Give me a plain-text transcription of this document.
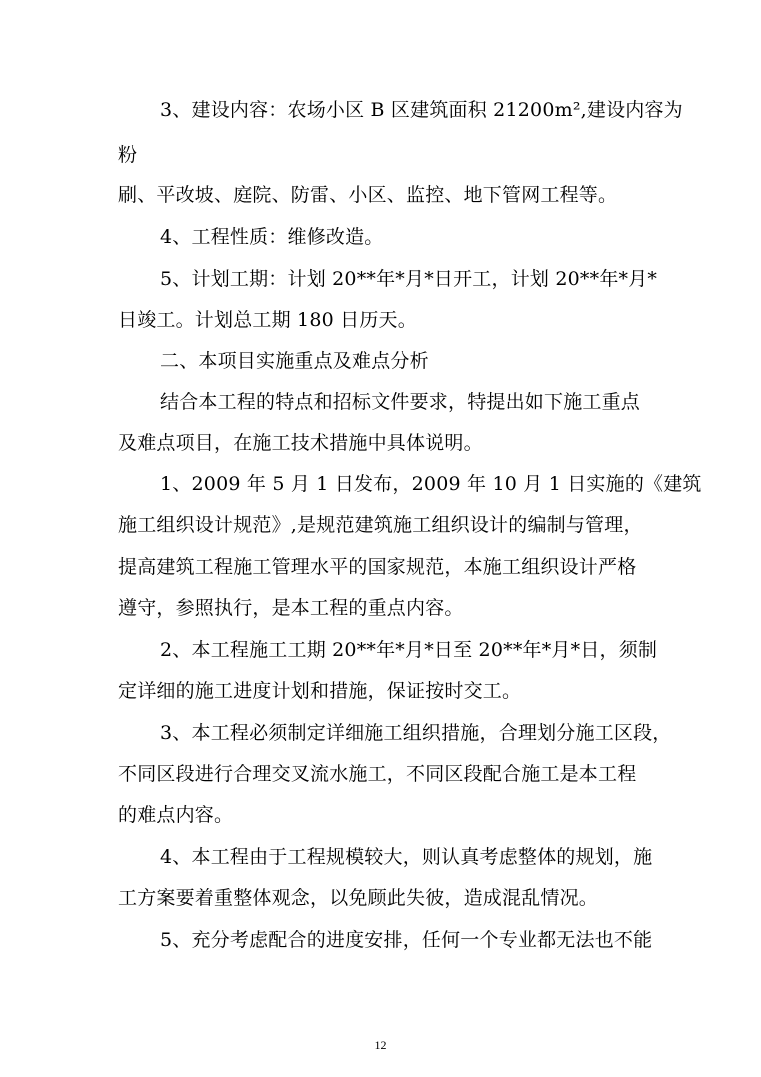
3、建设内容：农场小区 B 区建筑面积 21200m²,建设内容为
粉
刷、平改坡、庭院、防雷、小区、监控、地下管网工程等。
4、工程性质：维修改造。
5、计划工期：计划 20**年*月*日开工，计划 20**年*月*
日竣工。计划总工期 180 日历天。
二、本项目实施重点及难点分析
结合本工程的特点和招标文件要求，特提出如下施工重点
及难点项目，在施工技术措施中具体说明。
1、2009 年 5 月 1 日发布，2009 年 10 月 1 日实施的《建筑
施工组织设计规范》,是规范建筑施工组织设计的编制与管理，
提高建筑工程施工管理水平的国家规范，本施工组织设计严格
遵守，参照执行，是本工程的重点内容。
2、本工程施工工期 20**年*月*日至 20**年*月*日，须制
定详细的施工进度计划和措施，保证按时交工。
3、本工程必须制定详细施工组织措施，合理划分施工区段，
不同区段进行合理交叉流水施工，不同区段配合施工是本工程
的难点内容。
4、本工程由于工程规模较大，则认真考虑整体的规划，施
工方案要着重整体观念，以免顾此失彼，造成混乱情况。
5、充分考虑配合的进度安排，任何一个专业都无法也不能
12
